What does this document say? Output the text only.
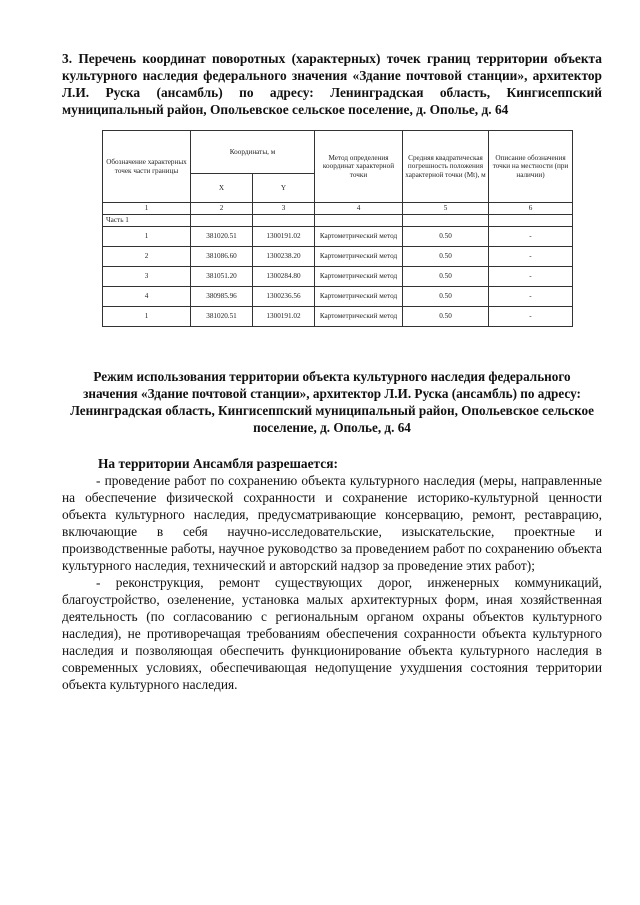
3. Перечень координат поворотных (характерных) точек границ территории объекта культурного наследия федерального значения «Здание почтовой станции», архитектор Л.И. Руска (ансамбль) по адресу: Ленинградская область, Кингисеппский муниципальный район, Опольевское сельское поселение, д. Ополье, д. 64

Обозначение характерных точек части границы	Координаты, м		Метод определения координат характерной точки	Средняя квадратическая погрешность положения характерной точки (Mt), м	Описание обозначения точки на местности (при наличии)
	X	Y			
1	2	3	4	5	6
Часть 1					
1	381020.51	1300191.02	Картометрический метод	0.50	-
2	381086.60	1300238.20	Картометрический метод	0.50	-
3	381051.20	1300284.80	Картометрический метод	0.50	-
4	380985.96	1300236.56	Картометрический метод	0.50	-
1	381020.51	1300191.02	Картометрический метод	0.50	-

Режим использования территории объекта культурного наследия федерального значения «Здание почтовой станции», архитектор Л.И. Руска (ансамбль) по адресу: Ленинградская область, Кингисеппский муниципальный район, Опольевское сельское поселение, д. Ополье, д. 64

На территории Ансамбля разрешается:

- проведение работ по сохранению объекта культурного наследия (меры, направленные на обеспечение физической сохранности и сохранение историко-культурной ценности объекта культурного наследия, предусматривающие консервацию, ремонт, реставрацию, включающие в себя научно-исследовательские, изыскательские, проектные и производственные работы, научное руководство за проведением работ по сохранению объекта культурного наследия, технический и авторский надзор за проведение этих работ);

- реконструкция, ремонт существующих дорог, инженерных коммуникаций, благоустройство, озеленение, установка малых архитектурных форм, иная хозяйственная деятельность (по согласованию с региональным органом охраны объектов культурного наследия), не противоречащая требованиям обеспечения сохранности объекта культурного наследия и позволяющая обеспечить функционирование объекта культурного наследия в современных условиях, обеспечивающая недопущение ухудшения состояния территории объекта культурного наследия.
